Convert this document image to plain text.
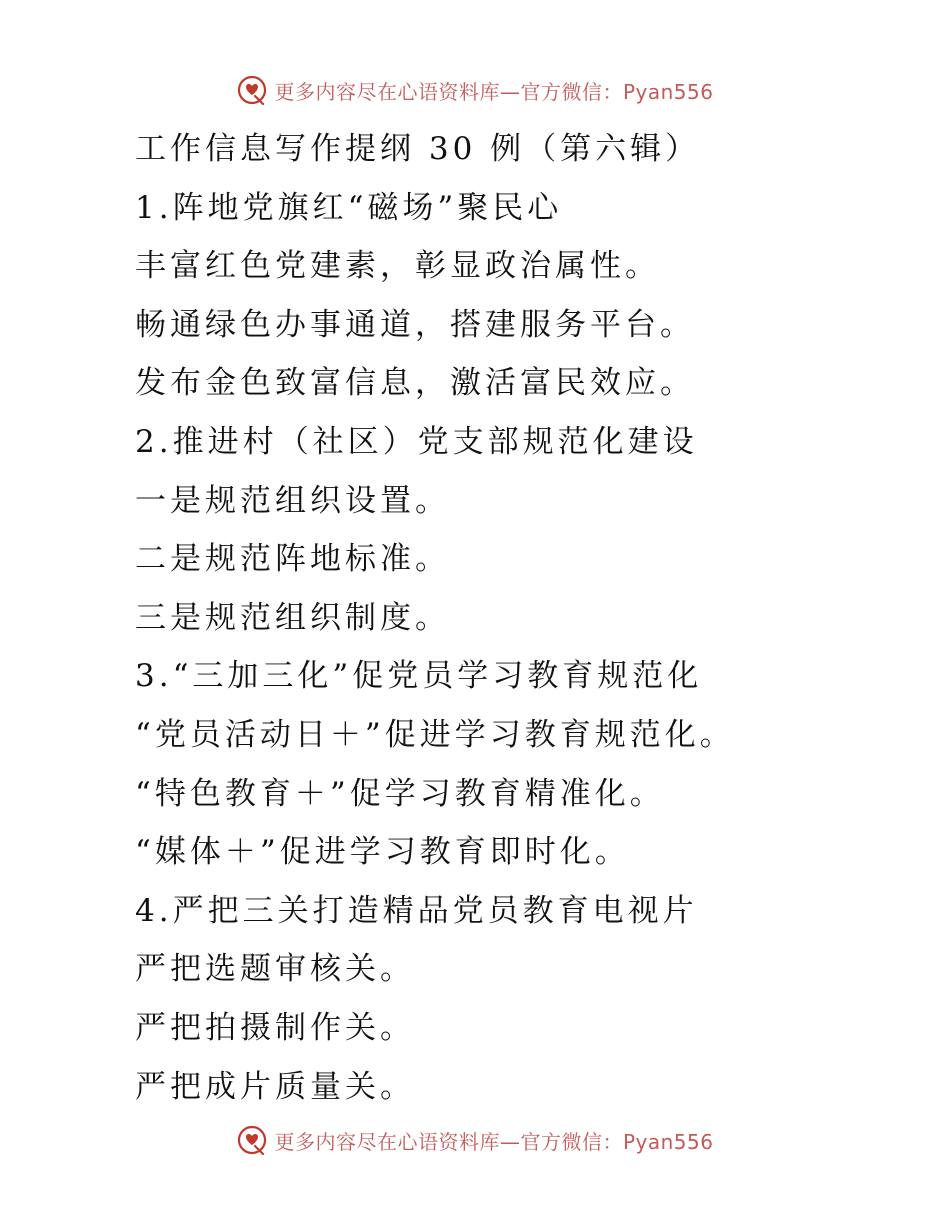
更多内容尽在心语资料库—官方微信：Pyan556
工作信息写作提纲 30 例（第六辑）
1.阵地党旗红“磁场”聚民心
丰富红色党建素，彰显政治属性。
畅通绿色办事通道，搭建服务平台。
发布金色致富信息，激活富民效应。
2.推进村（社区）党支部规范化建设
一是规范组织设置。
二是规范阵地标准。
三是规范组织制度。
3.“三加三化”促党员学习教育规范化
“党员活动日＋”促进学习教育规范化。
“特色教育＋”促学习教育精准化。
“媒体＋”促进学习教育即时化。
4.严把三关打造精品党员教育电视片
严把选题审核关。
严把拍摄制作关。
严把成片质量关。
更多内容尽在心语资料库—官方微信：Pyan556
